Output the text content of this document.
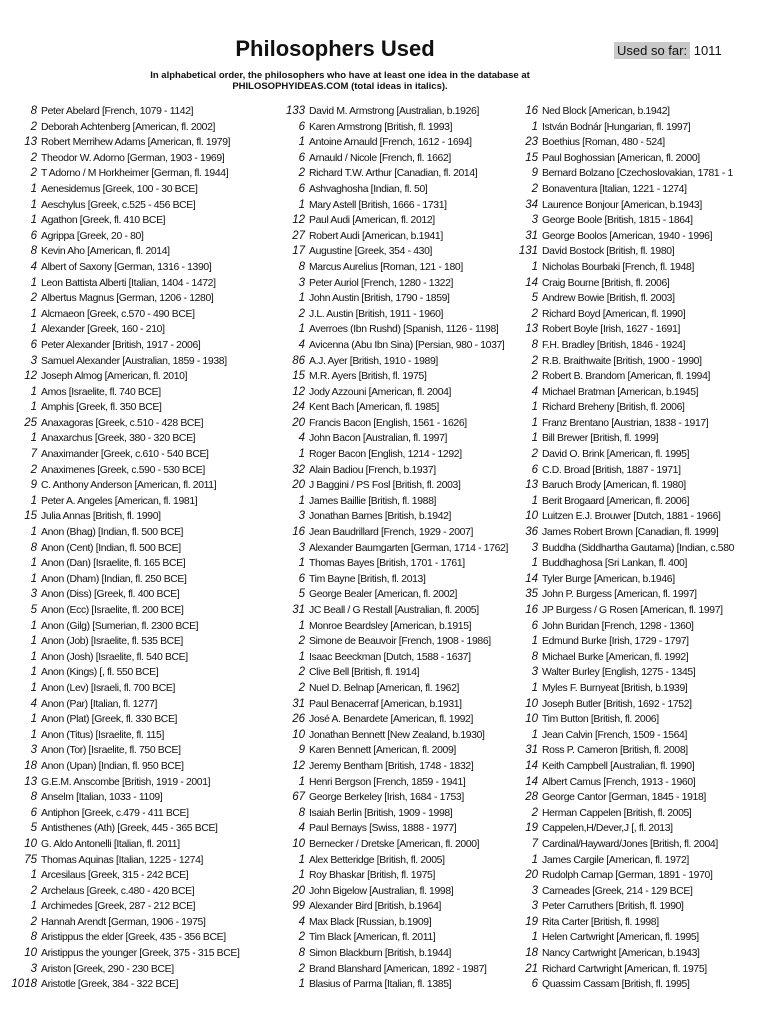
Philosophers Used	Used so far: 1011
In alphabetical order, the philosophers who have at least one idea in the database at
PHILOSOPHYIDEAS.COM (total ideas in italics).
8 Peter Abelard [French, 1079 - 1142]
2 Deborah Achtenberg [American, fl. 2002]
13 Robert Merrihew Adams [American, fl. 1979]
2 Theodor W. Adorno [German, 1903 - 1969]
2 T Adorno / M Horkheimer [German, fl. 1944]
1 Aenesidemus [Greek, 100 - 30 BCE]
1 Aeschylus [Greek, c.525 - 456 BCE]
1 Agathon [Greek, fl. 410 BCE]
6 Agrippa [Greek, 20 - 80]
8 Kevin Aho [American, fl. 2014]
4 Albert of Saxony [German, 1316 - 1390]
1 Leon Battista Alberti [Italian, 1404 - 1472]
2 Albertus Magnus [German, 1206 - 1280]
1 Alcmaeon [Greek, c.570 - 490 BCE]
1 Alexander [Greek, 160 - 210]
6 Peter Alexander [British, 1917 - 2006]
3 Samuel Alexander [Australian, 1859 - 1938]
12 Joseph Almog [American, fl. 2010]
1 Amos [Israelite, fl. 740 BCE]
1 Amphis [Greek, fl. 350 BCE]
25 Anaxagoras [Greek, c.510 - 428 BCE]
1 Anaxarchus [Greek, 380 - 320 BCE]
7 Anaximander [Greek, c.610 - 540 BCE]
2 Anaximenes [Greek, c.590 - 530 BCE]
9 C. Anthony Anderson [American, fl. 2011]
1 Peter A. Angeles [American, fl. 1981]
15 Julia Annas [British, fl. 1990]
1 Anon (Bhag) [Indian, fl. 500 BCE]
8 Anon (Cent) [Indian, fl. 500 BCE]
1 Anon (Dan) [Israelite, fl. 165 BCE]
1 Anon (Dham) [Indian, fl. 250 BCE]
3 Anon (Diss) [Greek, fl. 400 BCE]
5 Anon (Ecc) [Israelite, fl. 200 BCE]
1 Anon (Gilg) [Sumerian, fl. 2300 BCE]
1 Anon (Job) [Israelite, fl. 535 BCE]
1 Anon (Josh) [Israelite, fl. 540 BCE]
1 Anon (Kings) [, fl. 550 BCE]
1 Anon (Lev) [Israeli, fl. 700 BCE]
4 Anon (Par) [Italian, fl. 1277]
1 Anon (Plat) [Greek, fl. 330 BCE]
1 Anon (Titus) [Israelite, fl. 115]
3 Anon (Tor) [Israelite, fl. 750 BCE]
18 Anon (Upan) [Indian, fl. 950 BCE]
13 G.E.M. Anscombe [British, 1919 - 2001]
8 Anselm [Italian, 1033 - 1109]
6 Antiphon [Greek, c.479 - 411 BCE]
5 Antisthenes (Ath) [Greek, 445 - 365 BCE]
10 G. Aldo Antonelli [Italian, fl. 2011]
75 Thomas Aquinas [Italian, 1225 - 1274]
1 Arcesilaus [Greek, 315 - 242 BCE]
2 Archelaus [Greek, c.480 - 420 BCE]
1 Archimedes [Greek, 287 - 212 BCE]
2 Hannah Arendt [German, 1906 - 1975]
8 Aristippus the elder [Greek, 435 - 356 BCE]
10 Aristippus the younger [Greek, 375 - 315 BCE]
3 Ariston [Greek, 290 - 230 BCE]
1018 Aristotle [Greek, 384 - 322 BCE]
133 David M. Armstrong [Australian, b.1926]
6 Karen Armstrong [British, fl. 1993]
1 Antoine Arnauld [French, 1612 - 1694]
6 Arnauld / Nicole [French, fl. 1662]
2 Richard T.W. Arthur [Canadian, fl. 2014]
6 Ashvaghosha [Indian, fl. 50]
1 Mary Astell [British, 1666 - 1731]
12 Paul Audi [American, fl. 2012]
27 Robert Audi [American, b.1941]
17 Augustine [Greek, 354 - 430]
8 Marcus Aurelius [Roman, 121 - 180]
3 Peter Auriol [French, 1280 - 1322]
1 John Austin [British, 1790 - 1859]
2 J.L. Austin [British, 1911 - 1960]
1 Averroes (Ibn Rushd) [Spanish, 1126 - 1198]
4 Avicenna (Abu Ibn Sina) [Persian, 980 - 1037]
86 A.J. Ayer [British, 1910 - 1989]
15 M.R. Ayers [British, fl. 1975]
12 Jody Azzouni [American, fl. 2004]
24 Kent Bach [American, fl. 1985]
20 Francis Bacon [English, 1561 - 1626]
4 John Bacon [Australian, fl. 1997]
1 Roger Bacon [English, 1214 - 1292]
32 Alain Badiou [French, b.1937]
20 J Baggini / PS Fosl [British, fl. 2003]
1 James Baillie [British, fl. 1988]
3 Jonathan Barnes [British, b.1942]
16 Jean Baudrillard [French, 1929 - 2007]
3 Alexander Baumgarten [German, 1714 - 1762]
1 Thomas Bayes [British, 1701 - 1761]
6 Tim Bayne [British, fl. 2013]
5 George Bealer [American, fl. 2002]
31 JC Beall / G Restall [Australian, fl. 2005]
1 Monroe Beardsley [American, b.1915]
2 Simone de Beauvoir [French, 1908 - 1986]
1 Isaac Beeckman [Dutch, 1588 - 1637]
2 Clive Bell [British, fl. 1914]
2 Nuel D. Belnap [American, fl. 1962]
31 Paul Benacerraf [American, b.1931]
26 José A. Benardete [American, fl. 1992]
10 Jonathan Bennett [New Zealand, b.1930]
9 Karen Bennett [American, fl. 2009]
12 Jeremy Bentham [British, 1748 - 1832]
1 Henri Bergson [French, 1859 - 1941]
67 George Berkeley [Irish, 1684 - 1753]
8 Isaiah Berlin [British, 1909 - 1998]
4 Paul Bernays [Swiss, 1888 - 1977]
10 Bernecker / Dretske [American, fl. 2000]
1 Alex Betteridge [British, fl. 2005]
1 Roy Bhaskar [British, fl. 1975]
20 John Bigelow [Australian, fl. 1998]
99 Alexander Bird [British, b.1964]
4 Max Black [Russian, b.1909]
2 Tim Black [American, fl. 2011]
8 Simon Blackburn [British, b.1944]
2 Brand Blanshard [American, 1892 - 1987]
1 Blasius of Parma [Italian, fl. 1385]
16 Ned Block [American, b.1942]
1 István Bodnár [Hungarian, fl. 1997]
23 Boethius [Roman, 480 - 524]
15 Paul Boghossian [American, fl. 2000]
9 Bernard Bolzano [Czechoslovakian, 1781 - 1
2 Bonaventura [Italian, 1221 - 1274]
34 Laurence Bonjour [American, b.1943]
3 George Boole [British, 1815 - 1864]
31 George Boolos [American, 1940 - 1996]
131 David Bostock [British, fl. 1980]
1 Nicholas Bourbaki [French, fl. 1948]
14 Craig Bourne [British, fl. 2006]
5 Andrew Bowie [British, fl. 2003]
2 Richard Boyd [American, fl. 1990]
13 Robert Boyle [Irish, 1627 - 1691]
8 F.H. Bradley [British, 1846 - 1924]
2 R.B. Braithwaite [British, 1900 - 1990]
2 Robert B. Brandom [American, fl. 1994]
4 Michael Bratman [American, b.1945]
1 Richard Breheny [British, fl. 2006]
1 Franz Brentano [Austrian, 1838 - 1917]
1 Bill Brewer [British, fl. 1999]
2 David O. Brink [American, fl. 1995]
6 C.D. Broad [British, 1887 - 1971]
13 Baruch Brody [American, fl. 1980]
1 Berit Brogaard [American, fl. 2006]
10 Luitzen E.J. Brouwer [Dutch, 1881 - 1966]
36 James Robert Brown [Canadian, fl. 1999]
3 Buddha (Siddhartha Gautama) [Indian, c.580
1 Buddhaghosa [Sri Lankan, fl. 400]
14 Tyler Burge [American, b.1946]
35 John P. Burgess [American, fl. 1997]
16 JP Burgess / G Rosen [American, fl. 1997]
6 John Buridan [French, 1298 - 1360]
1 Edmund Burke [Irish, 1729 - 1797]
8 Michael Burke [American, fl. 1992]
3 Walter Burley [English, 1275 - 1345]
1 Myles F. Burnyeat [British, b.1939]
10 Joseph Butler [British, 1692 - 1752]
10 Tim Button [British, fl. 2006]
1 Jean Calvin [French, 1509 - 1564]
31 Ross P. Cameron [British, fl. 2008]
14 Keith Campbell [Australian, fl. 1990]
14 Albert Camus [French, 1913 - 1960]
28 George Cantor [German, 1845 - 1918]
2 Herman Cappelen [British, fl. 2005]
19 Cappelen,H/Dever,J [, fl. 2013]
7 Cardinal/Hayward/Jones [British, fl. 2004]
1 James Cargile [American, fl. 1972]
20 Rudolph Carnap [German, 1891 - 1970]
3 Carneades [Greek, 214 - 129 BCE]
3 Peter Carruthers [British, fl. 1990]
19 Rita Carter [British, fl. 1998]
1 Helen Cartwright [American, fl. 1995]
18 Nancy Cartwright [American, b.1943]
21 Richard Cartwright [American, fl. 1975]
6 Quassim Cassam [British, fl. 1995]
